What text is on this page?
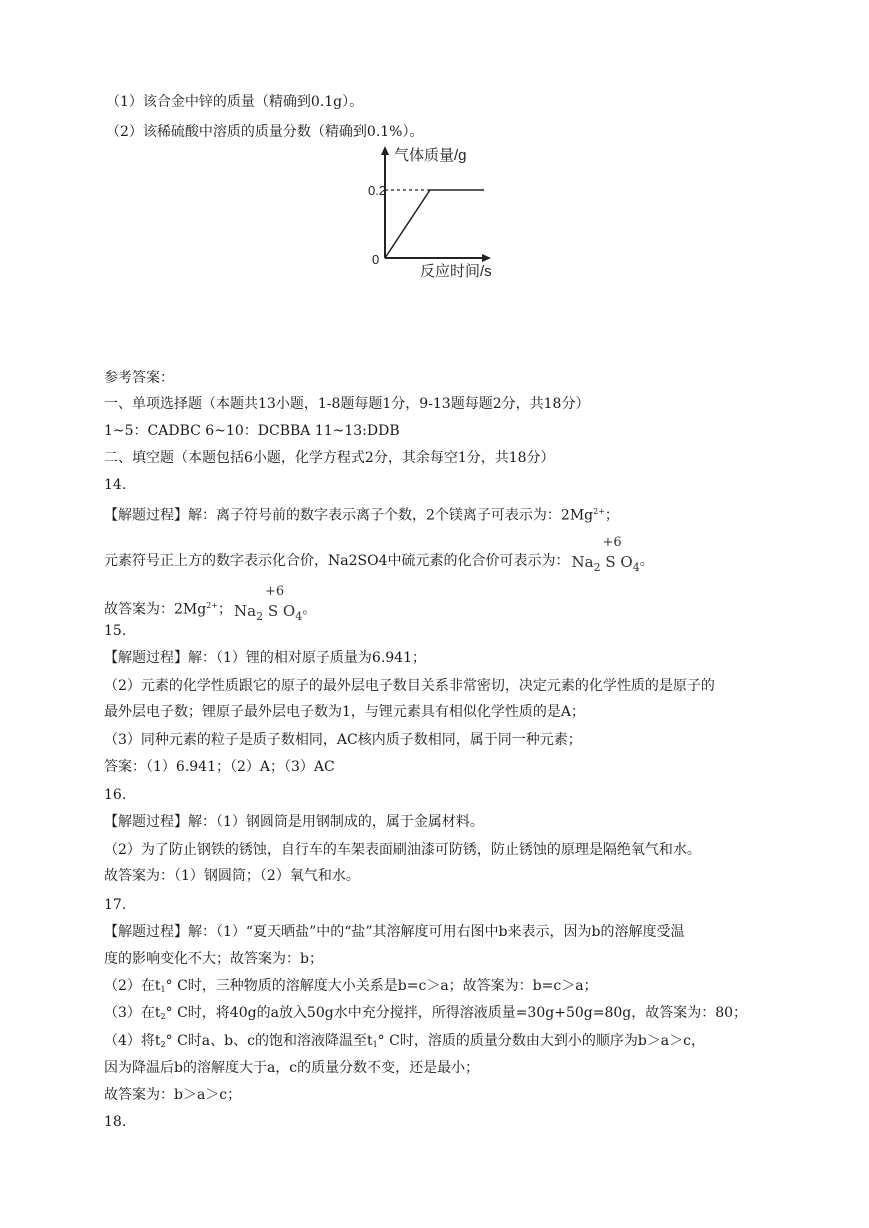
（1）该合金中锌的质量（精确到0.1g）。
（2）该稀硫酸中溶质的质量分数（精确到0.1%）。
气体质量/g
0.2
0
反应时间/s
参考答案：
一、单项选择题（本题共13小题，1-8题每题1分，9-13题每题2分，共18分）
1~5：CADBC 6~10：DCBBA 11~13:DDB
二、填空题（本题包括6小题，化学方程式2分，其余每空1分，共18分）
14.
【解题过程】解：离子符号前的数字表示离子个数，2个镁离子可表示为：$2Mg^{2+}$；
元素符号正上方的数字表示化合价，Na2SO4中硫元素的化合价可表示为：
+6
$Na_2$ S $O_4$。
故答案为：$2Mg^{2+}$；
+6
$Na_2$ S $O_4$。
15.
【解题过程】解：（1）锂的相对原子质量为6.941；
（2）元素的化学性质跟它的原子的最外层电子数目关系非常密切，决定元素的化学性质的是原子的
最外层电子数；锂原子最外层电子数为1，与锂元素具有相似化学性质的是A；
（3）同种元素的粒子是质子数相同，AC核内质子数相同，属于同一种元素；
答案：（1）6.941；（2）A；（3）AC
16.
【解题过程】解：（1）钢圆筒是用钢制成的，属于金属材料。
（2）为了防止钢铁的锈蚀，自行车的车架表面刷油漆可防锈，防止锈蚀的原理是隔绝氧气和水。
故答案为：（1）钢圆筒；（2）氧气和水。
17.
【解题过程】解：（1）“夏天晒盐”中的“盐”其溶解度可用右图中b来表示，因为b的溶解度受温
度的影响变化不大；故答案为：b；
（2）在t1° C时，三种物质的溶解度大小关系是b=c＞a；故答案为：b=c＞a；
（3）在t2° C时，将40g的a放入50g水中充分搅拌，所得溶液质量=30g+50g=80g，故答案为：80；
（4）将t2° C时a、b、c的饱和溶液降温至t1° C时，溶质的质量分数由大到小的顺序为b＞a＞c，
因为降温后b的溶解度大于a，c的质量分数不变，还是最小；
故答案为：b＞a＞c；
18.
